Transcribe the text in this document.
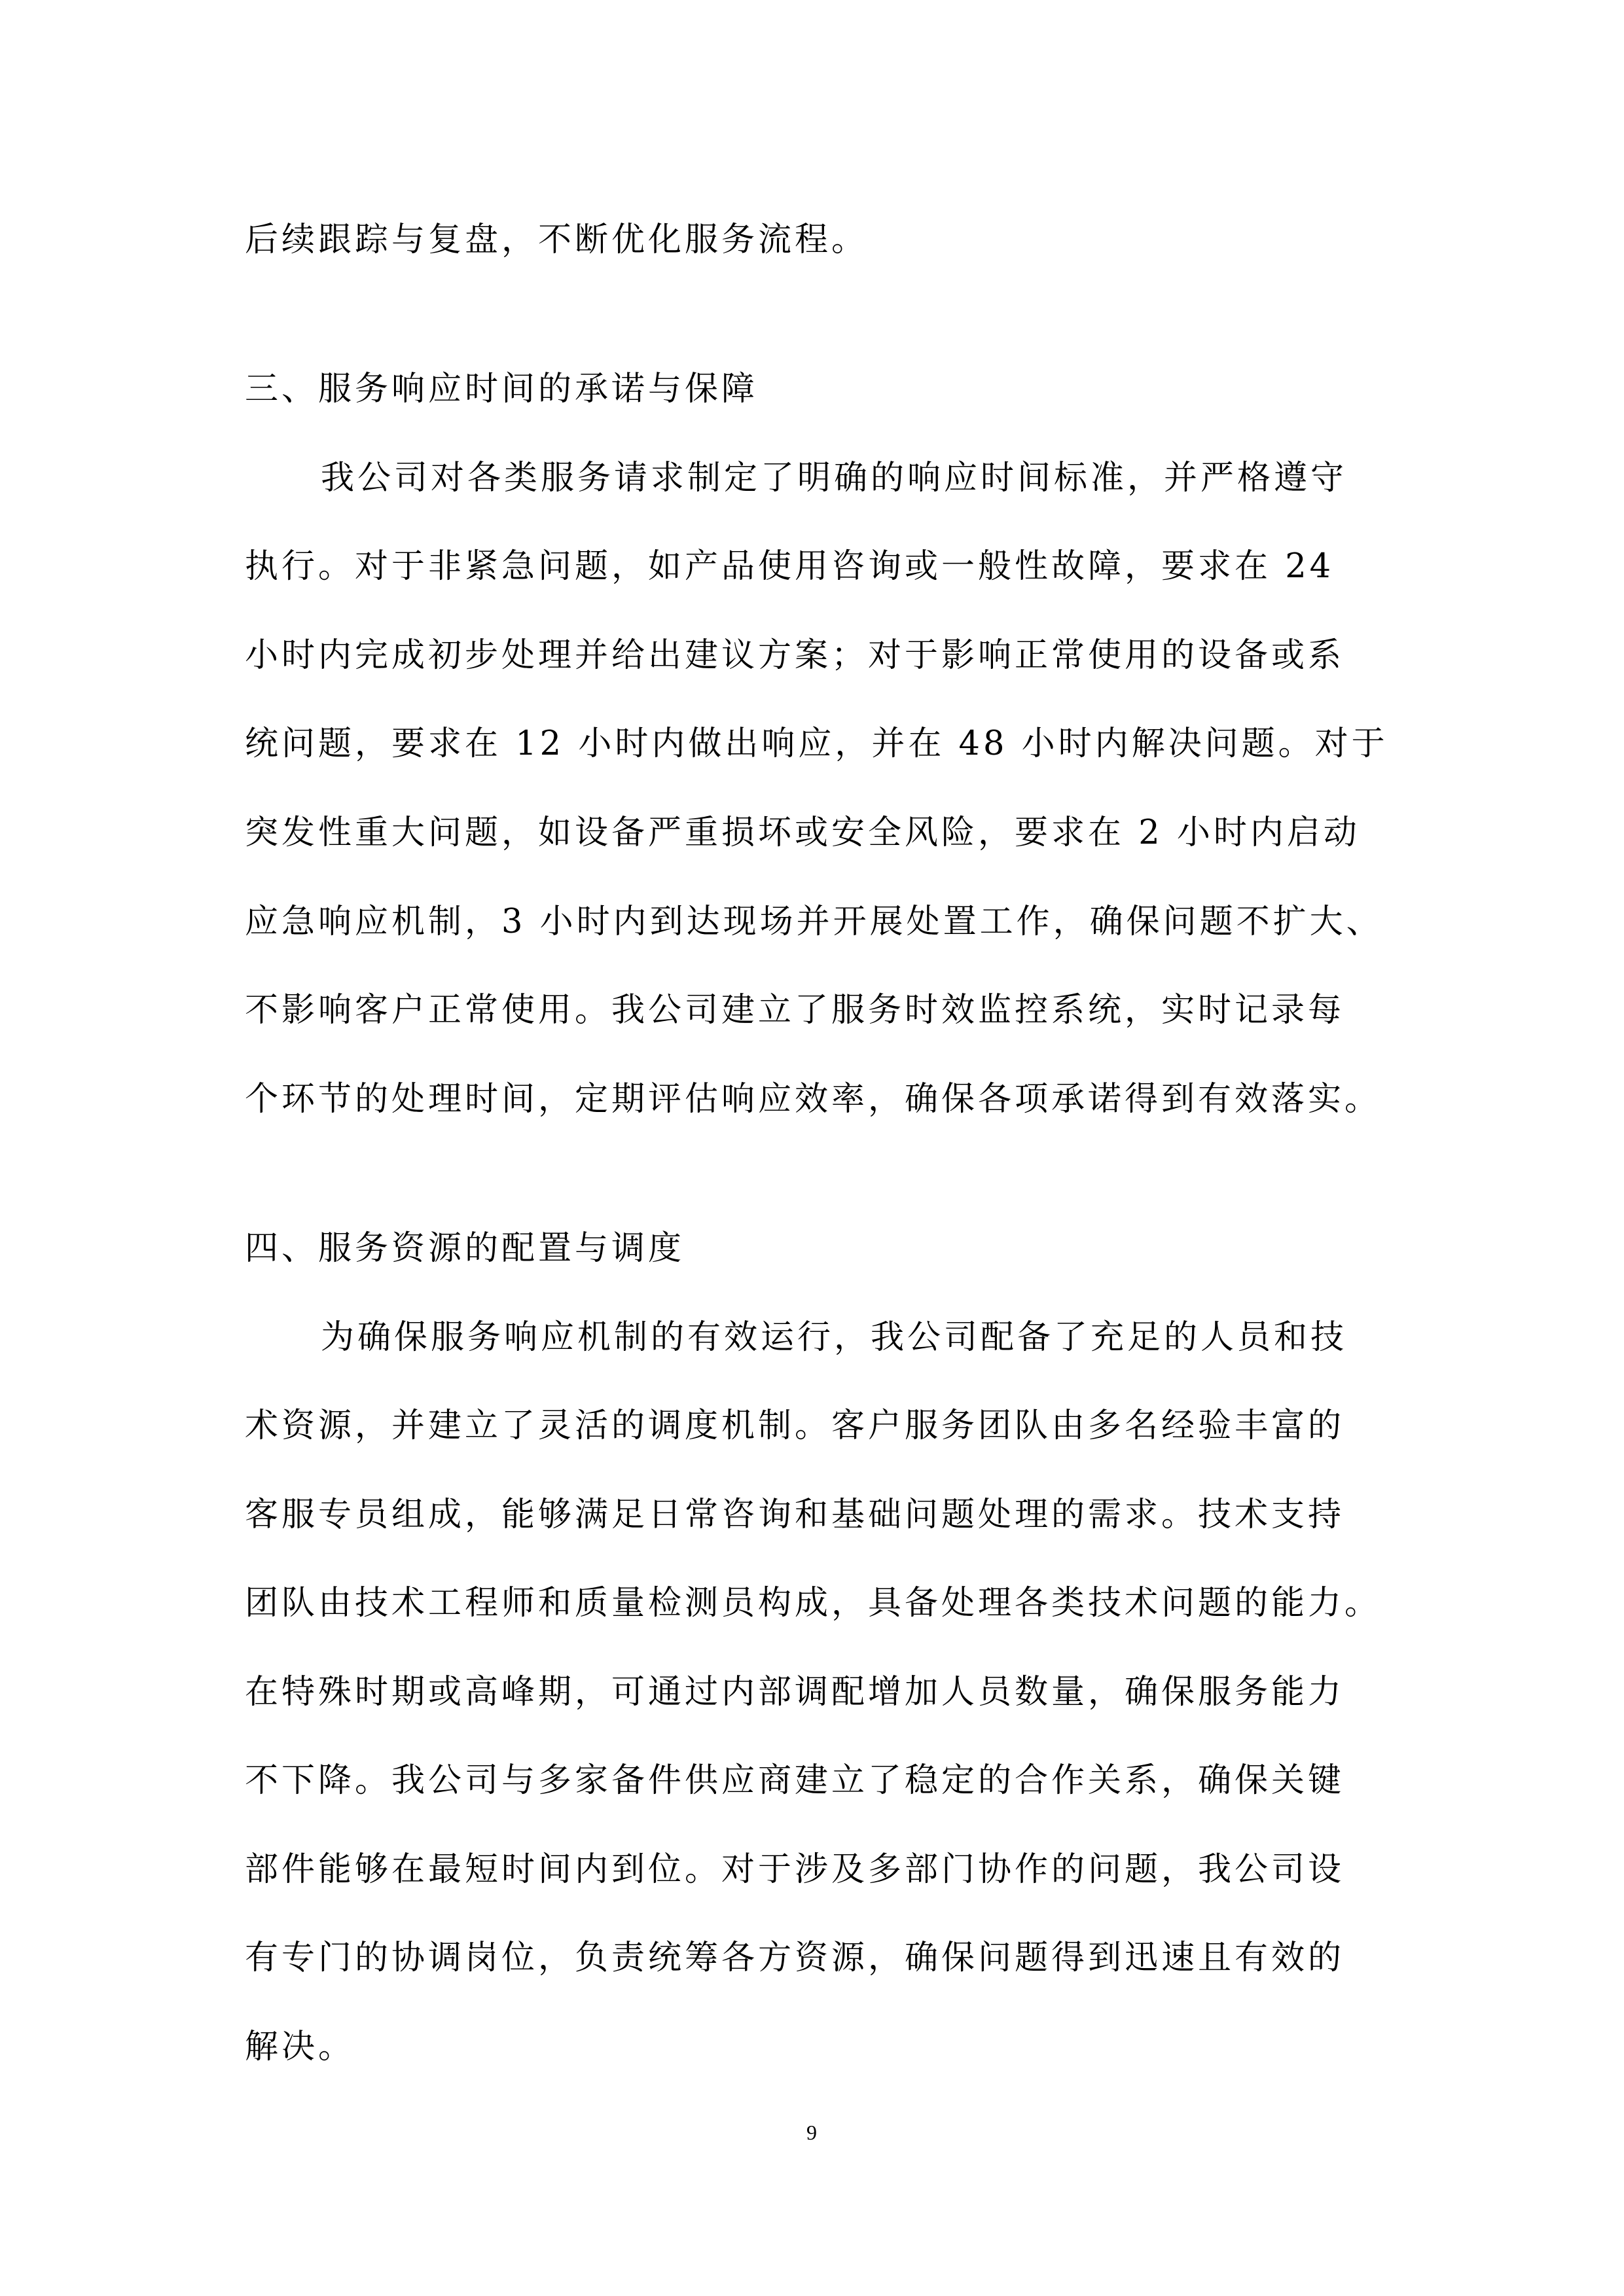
后续跟踪与复盘，不断优化服务流程。
三、服务响应时间的承诺与保障
我公司对各类服务请求制定了明确的响应时间标准，并严格遵守
执行。对于非紧急问题，如产品使用咨询或一般性故障，要求在 24
小时内完成初步处理并给出建议方案；对于影响正常使用的设备或系
统问题，要求在 12 小时内做出响应，并在 48 小时内解决问题。对于
突发性重大问题，如设备严重损坏或安全风险，要求在 2 小时内启动
应急响应机制，3 小时内到达现场并开展处置工作，确保问题不扩大、
不影响客户正常使用。我公司建立了服务时效监控系统，实时记录每
个环节的处理时间，定期评估响应效率，确保各项承诺得到有效落实。
四、服务资源的配置与调度
为确保服务响应机制的有效运行，我公司配备了充足的人员和技
术资源，并建立了灵活的调度机制。客户服务团队由多名经验丰富的
客服专员组成，能够满足日常咨询和基础问题处理的需求。技术支持
团队由技术工程师和质量检测员构成，具备处理各类技术问题的能力。
在特殊时期或高峰期，可通过内部调配增加人员数量，确保服务能力
不下降。我公司与多家备件供应商建立了稳定的合作关系，确保关键
部件能够在最短时间内到位。对于涉及多部门协作的问题，我公司设
有专门的协调岗位，负责统筹各方资源，确保问题得到迅速且有效的
解决。
9
